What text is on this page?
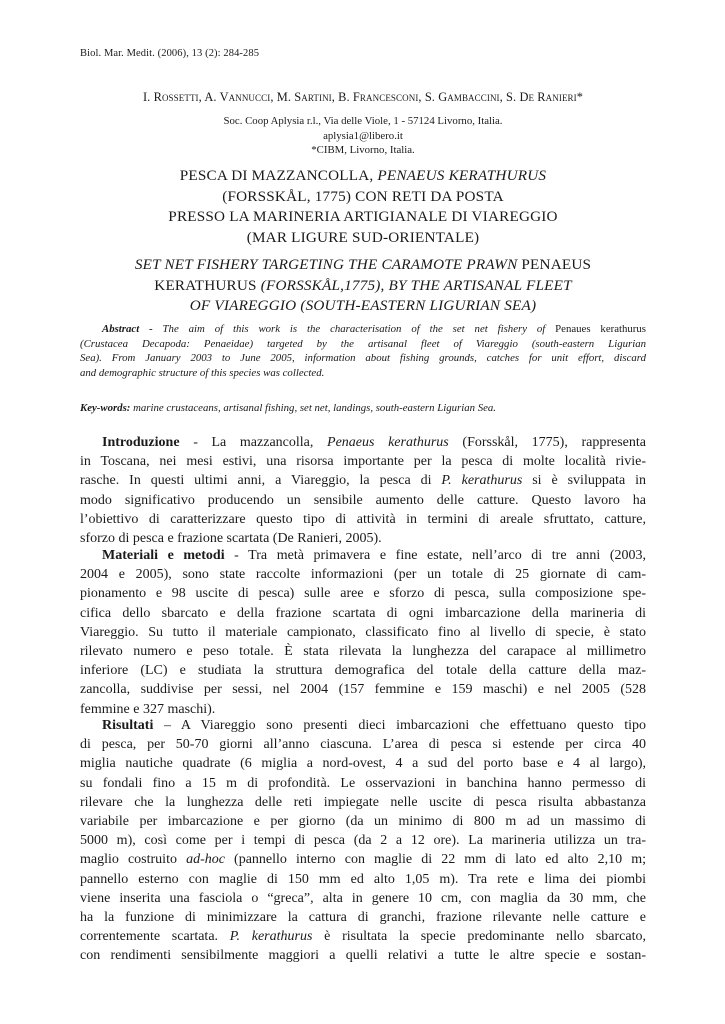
Biol. Mar. Medit. (2006), 13 (2): 284-285
I. Rossetti, A. Vannucci, M. Sartini, B. Francesconi, S. Gambaccini, S. De Ranieri*
Soc. Coop Aplysia r.l., Via delle Viole, 1 - 57124 Livorno, Italia.
aplysia1@libero.it
*CIBM, Livorno, Italia.
PESCA DI MAZZANCOLLA, PENAEUS KERATHURUS
(FORSSKÅL, 1775) CON RETI DA POSTA
PRESSO LA MARINERIA ARTIGIANALE DI VIAREGGIO
(MAR LIGURE SUD-ORIENTALE)
SET NET FISHERY TARGETING THE CARAMOTE PRAWN PENAEUS
KERATHURUS (FORSSKÅL,1775), BY THE ARTISANAL FLEET
OF VIAREGGIO (SOUTH-EASTERN LIGURIAN SEA)
Abstract - The aim of this work is the characterisation of the set net fishery of Penaues kerathurus
(Crustacea Decapoda: Penaeidae) targeted by the artisanal fleet of Viareggio (south-eastern Ligurian
Sea). From January 2003 to June 2005, information about fishing grounds, catches for unit effort, discard
and demographic structure of this species was collected.
Key-words: marine crustaceans, artisanal fishing, set net, landings, south-eastern Ligurian Sea.
Introduzione - La mazzancolla, Penaeus kerathurus (Forsskål, 1775), rappresenta
in Toscana, nei mesi estivi, una risorsa importante per la pesca di molte località rivie-
rasche. In questi ultimi anni, a Viareggio, la pesca di P. kerathurus si è sviluppata in
modo significativo producendo un sensibile aumento delle catture. Questo lavoro ha
l’obiettivo di caratterizzare questo tipo di attività in termini di areale sfruttato, catture,
sforzo di pesca e frazione scartata (De Ranieri, 2005).
Materiali e metodi - Tra metà primavera e fine estate, nell’arco di tre anni (2003,
2004 e 2005), sono state raccolte informazioni (per un totale di 25 giornate di cam-
pionamento e 98 uscite di pesca) sulle aree e sforzo di pesca, sulla composizione spe-
cifica dello sbarcato e della frazione scartata di ogni imbarcazione della marineria di
Viareggio. Su tutto il materiale campionato, classificato fino al livello di specie, è stato
rilevato numero e peso totale. È stata rilevata la lunghezza del carapace al millimetro
inferiore (LC) e studiata la struttura demografica del totale della catture della maz-
zancolla, suddivise per sessi, nel 2004 (157 femmine e 159 maschi) e nel 2005 (528
femmine e 327 maschi).
Risultati – A Viareggio sono presenti dieci imbarcazioni che effettuano questo tipo
di pesca, per 50-70 giorni all’anno ciascuna. L’area di pesca si estende per circa 40
miglia nautiche quadrate (6 miglia a nord-ovest, 4 a sud del porto base e 4 al largo),
su fondali fino a 15 m di profondità. Le osservazioni in banchina hanno permesso di
rilevare che la lunghezza delle reti impiegate nelle uscite di pesca risulta abbastanza
variabile per imbarcazione e per giorno (da un minimo di 800 m ad un massimo di
5000 m), così come per i tempi di pesca (da 2 a 12 ore). La marineria utilizza un tra-
maglio costruito ad-hoc (pannello interno con maglie di 22 mm di lato ed alto 2,10 m;
pannello esterno con maglie di 150 mm ed alto 1,05 m). Tra rete e lima dei piombi
viene inserita una fasciola o “greca”, alta in genere 10 cm, con maglia da 30 mm, che
ha la funzione di minimizzare la cattura di granchi, frazione rilevante nelle catture e
correntemente scartata. P. kerathurus è risultata la specie predominante nello sbarcato,
con rendimenti sensibilmente maggiori a quelli relativi a tutte le altre specie e sostan-
